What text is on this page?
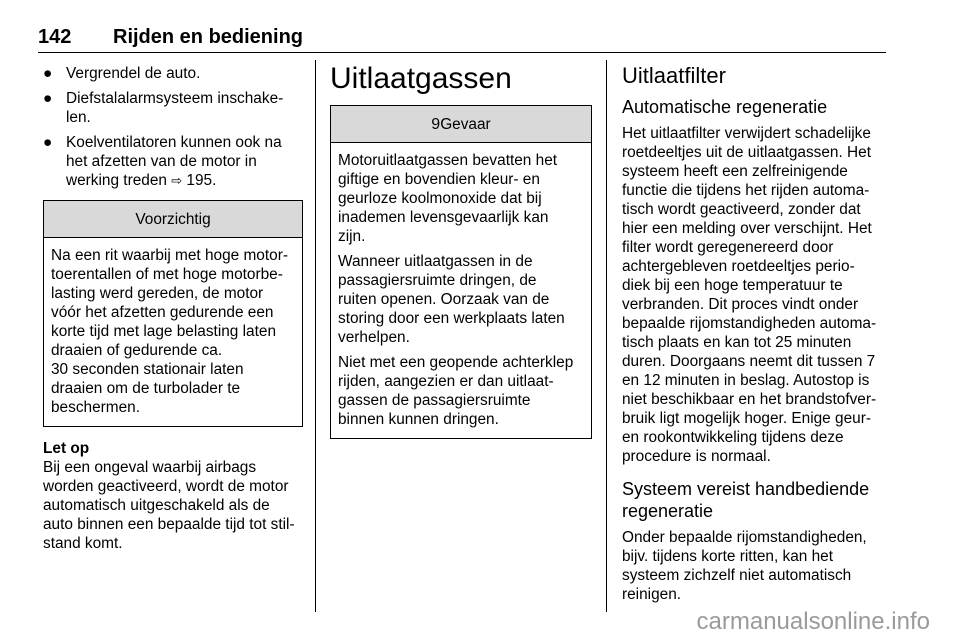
142 Rijden en bediening
● Vergrendel de auto.
● Diefstalalarmsysteem inschake-
len.
● Koelventilatoren kunnen ook na
het afzetten van de motor in
werking treden ⇨ 195.
Voorzichtig

Na een rit waarbij met hoge motor-
toerentallen of met hoge motorbe-
lasting werd gereden, de motor
vóór het afzetten gedurende een
korte tijd met lage belasting laten
draaien of gedurende ca.
30 seconden stationair laten
draaien om de turbolader te
beschermen.

Let op
Bij een ongeval waarbij airbags
worden geactiveerd, wordt de motor
automatisch uitgeschakeld als de
auto binnen een bepaalde tijd tot stil-
stand komt.
Uitlaatgassen
9Gevaar

Motoruitlaatgassen bevatten het
giftige en bovendien kleur- en
geurloze koolmonoxide dat bij
inademen levensgevaarlijk kan
zijn.

Wanneer uitlaatgassen in de
passagiersruimte dringen, de
ruiten openen. Oorzaak van de
storing door een werkplaats laten
verhelpen.

Niet met een geopende achterklep
rijden, aangezien er dan uitlaat-
gassen de passagiersruimte
binnen kunnen dringen.

Uitlaatfilter
Automatische regeneratie

Het uitlaatfilter verwijdert schadelijke
roetdeeltjes uit de uitlaatgassen. Het
systeem heeft een zelfreinigende
functie die tijdens het rijden automa-
tisch wordt geactiveerd, zonder dat
hier een melding over verschijnt. Het
filter wordt geregenereerd door
achtergebleven roetdeeltjes perio-
diek bij een hoge temperatuur te
verbranden. Dit proces vindt onder
bepaalde rijomstandigheden automa-
tisch plaats en kan tot 25 minuten
duren. Doorgaans neemt dit tussen 7
en 12 minuten in beslag. Autostop is
niet beschikbaar en het brandstofver-
bruik ligt mogelijk hoger. Enige geur-
en rookontwikkeling tijdens deze
procedure is normaal.

Systeem vereist handbediende
regeneratie

Onder bepaalde rijomstandigheden,
bijv. tijdens korte ritten, kan het
systeem zichzelf niet automatisch
reinigen.

carmanualsonline.info
